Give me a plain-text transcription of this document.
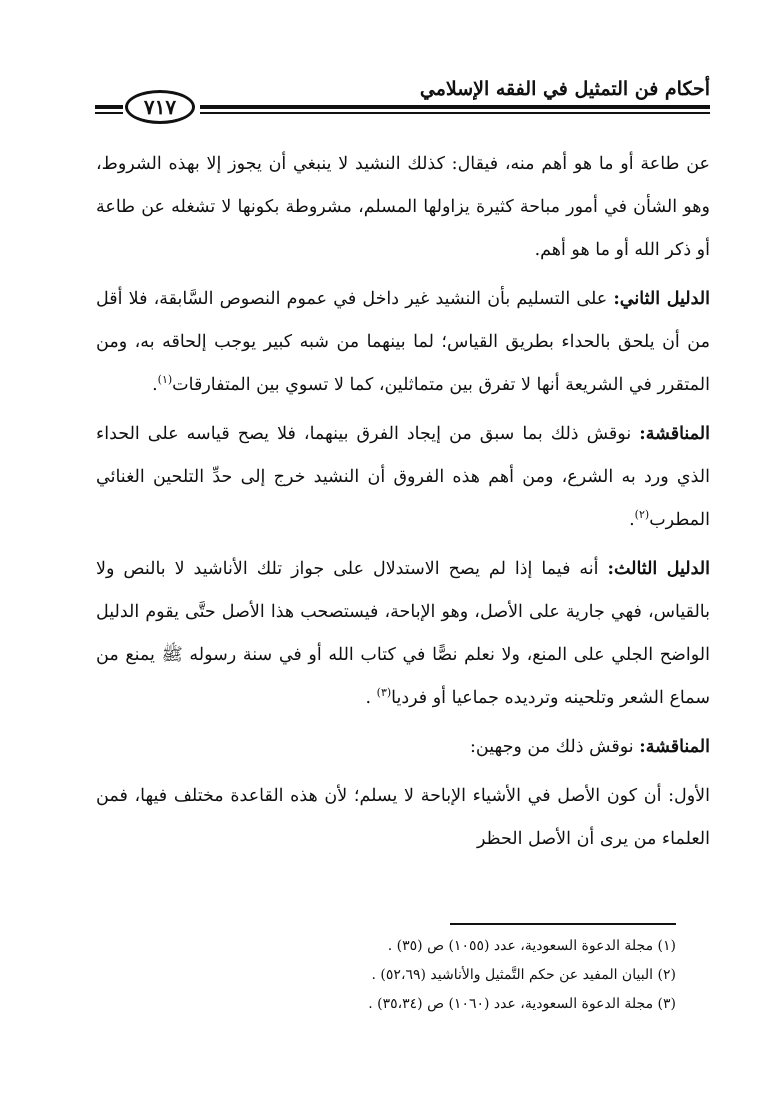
أحكام فن التمثيل في الفقه الإسلامي
٧١٧

عن طاعة أو ما هو أهم منه، فيقال: كذلك النشيد لا ينبغي أن يجوز إلا بهذه الشروط، وهو الشأن في أمور مباحة كثيرة يزاولها المسلم، مشروطة بكونها لا تشغله عن طاعة أو ذكر الله أو ما هو أهم.

الدليل الثاني: على التسليم بأن النشيد غير داخل في عموم النصوص السَّابقة، فلا أقل من أن يلحق بالحداء بطريق القياس؛ لما بينهما من شبه كبير يوجب إلحاقه به، ومن المتقرر في الشريعة أنها لا تفرق بين متماثلين، كما لا تسوي بين المتفارقات$^{(١)}$.

المناقشة: نوقش ذلك بما سبق من إيجاد الفرق بينهما، فلا يصح قياسه على الحداء الذي ورد به الشرع، ومن أهم هذه الفروق أن النشيد خرج إلى حدِّ التلحين الغنائي المطرب$^{(٢)}$.

الدليل الثالث: أنه فيما إذا لم يصح الاستدلال على جواز تلك الأناشيد لا بالنص ولا بالقياس، فهي جارية على الأصل، وهو الإباحة، فيستصحب هذا الأصل حتَّى يقوم الدليل الواضح الجلي على المنع، ولا نعلم نصًّا في كتاب الله أو في سنة رسوله ﷺ يمنع من سماع الشعر وتلحينه وترديده جماعيا أو فرديا$^{(٣)}$ .

المناقشة: نوقش ذلك من وجهين:

الأول: أن كون الأصل في الأشياء الإباحة لا يسلم؛ لأن هذه القاعدة مختلف فيها، فمن العلماء من يرى أن الأصل الحظر

(١) مجلة الدعوة السعودية، عدد (١٠٥٥) ص (٣٥) .
(٢) البيان المفيد عن حكم التَّمثيل والأناشيد (٥٢،٦٩) .
(٣) مجلة الدعوة السعودية، عدد (١٠٦٠) ص (٣٥،٣٤) .
